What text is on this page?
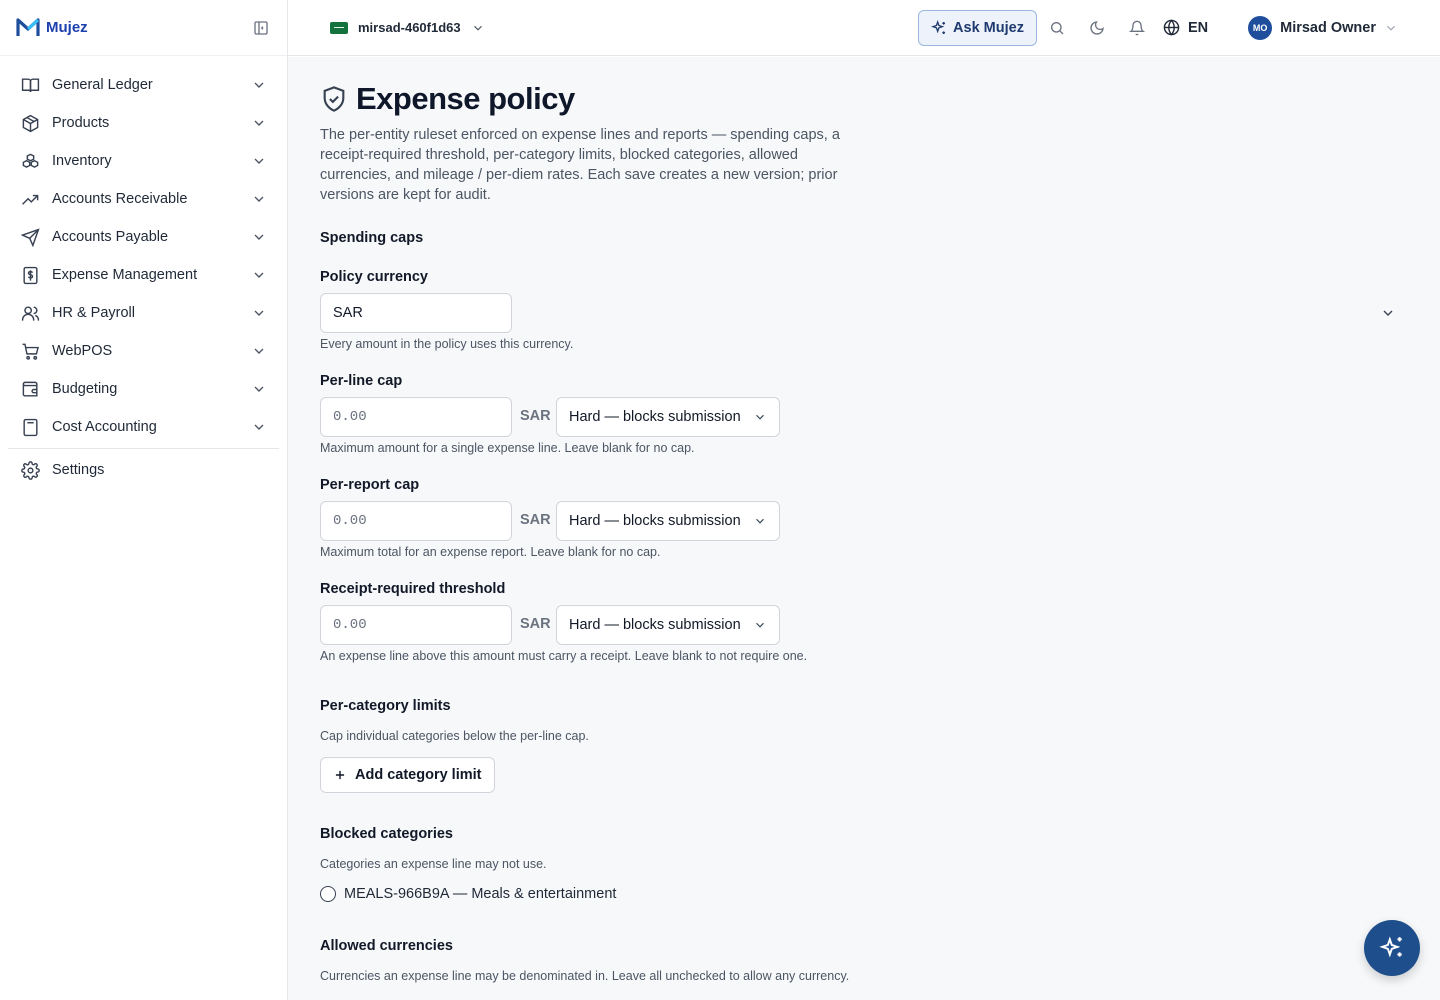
Mujez
General Ledger
Products
Inventory
Accounts Receivable
Accounts Payable
Expense Management
HR & Payroll
WebPOS
Budgeting
Cost Accounting
Settings
mirsad-460f1d63	Ask Mujez	EN	MO Mirsad Owner
Expense policy

The per-entity ruleset enforced on expense lines and reports — spending caps, a receipt-required threshold, per-category limits, blocked categories, allowed currencies, and mileage / per-diem rates. Each save creates a new version; prior versions are kept for audit.

Spending caps
Policy currency
SAR
Every amount in the policy uses this currency.
Per-line cap
0.00	SAR Hard — blocks submission
Maximum amount for a single expense line. Leave blank for no cap.
Per-report cap
0.00	SAR Hard — blocks submission
Maximum total for an expense report. Leave blank for no cap.
Receipt-required threshold
0.00	SAR Hard — blocks submission
An expense line above this amount must carry a receipt. Leave blank to not require one.
Per-category limits
Cap individual categories below the per-line cap.
Add category limit
Blocked categories
Categories an expense line may not use.
MEALS-966B9A — Meals & entertainment
Allowed currencies
Currencies an expense line may be denominated in. Leave all unchecked to allow any currency.
